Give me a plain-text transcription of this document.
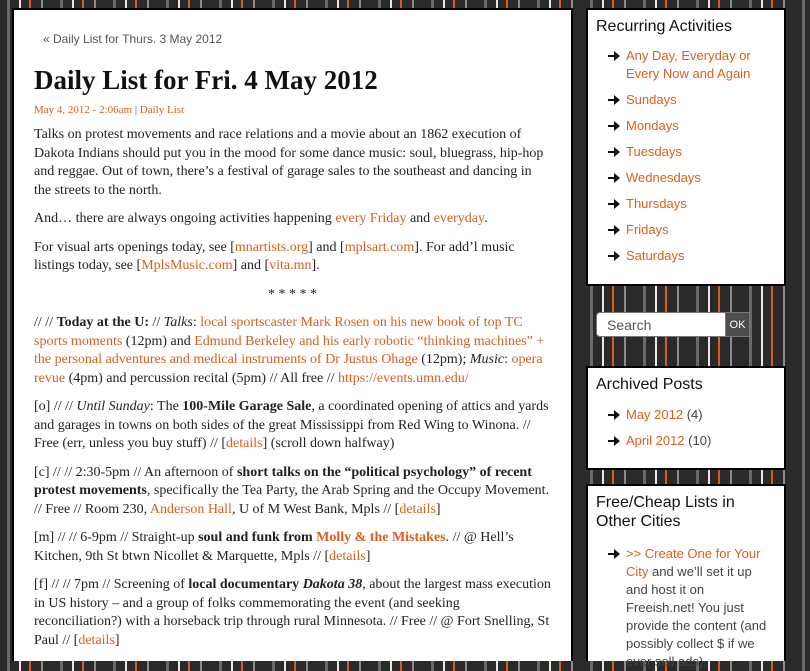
« Daily List for Thurs. 3 May 2012
Daily List for Fri. 4 May 2012
May 4, 2012 - 2:06am | Daily List

Talks on protest movements and race relations and a movie about an 1862 execution of Dakota Indians should put you in the mood for some dance music: soul, bluegrass, hip-hop and reggae. Out of town, there’s a festival of garage sales to the southeast and dancing in the streets to the north.

And… there are always ongoing activities happening every Friday and everyday.

For visual arts openings today, see [mnartists.org] and [mplsart.com]. For add’l music listings today, see [MplsMusic.com] and [vita.mn].

* * * * *

// // Today at the U: // Talks: local sportscaster Mark Rosen on his new book of top TC sports moments (12pm) and Edmund Berkeley and his early robotic “thinking machines” + the personal adventures and medical instruments of Dr Justus Ohage (12pm); Music: opera revue (4pm) and percussion recital (5pm) // All free // https://events.umn.edu/

[o] // // Until Sunday: The 100-Mile Garage Sale, a coordinated opening of attics and yards and garages in towns on both sides of the great Mississippi from Red Wing to Winona. // Free (err, unless you buy stuff) // [details] (scroll down halfway)

[c] // // 2:30-5pm // An afternoon of short talks on the “political psychology” of recent protest movements, specifically the Tea Party, the Arab Spring and the Occupy Movement. // Free // Room 230, Anderson Hall, U of M West Bank, Mpls // [details]

[m] // // 6-9pm // Straight-up soul and funk from Molly & the Mistakes. // @ Hell’s Kitchen, 9th St btwn Nicollet & Marquette, Mpls // [details]

[f] // // 7pm // Screening of local documentary Dakota 38, about the largest mass execution in US history – and a group of folks commemorating the event (and seeking reconciliation?) with a horseback trip through rural Minnesota. // Free // @ Fort Snelling, St Paul // [details]

Recurring Activities
Any Day, Everyday or Every Now and Again
Sundays
Mondays
Tuesdays
Wednesdays
Thursdays
Fridays
Saturdays
Search
OK
Archived Posts
May 2012 (4)
April 2012 (10)
Free/Cheap Lists in Other Cities
>> Create One for Your City and we’ll set it up and host it on Freeish.net! You just provide the content (and possibly collect $ if we ever sell ads).
